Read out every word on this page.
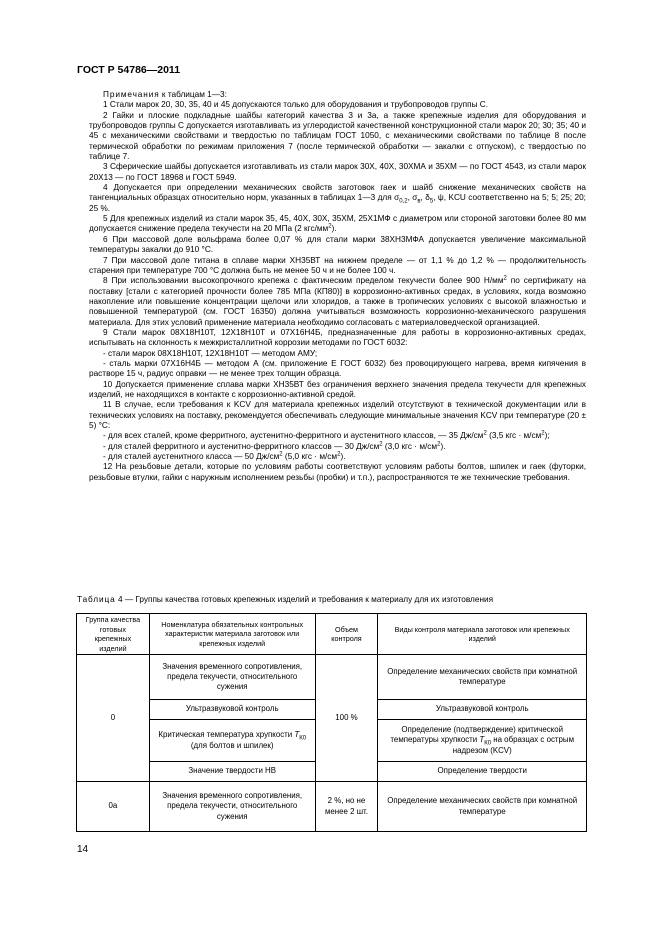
ГОСТ Р 54786—2011

Примечания к таблицам 1—3:

1 Стали марок 20, 30, 35, 40 и 45 допускаются только для оборудования и трубопроводов группы С.

2 Гайки и плоские подкладные шайбы категорий качества 3 и 3а, а также крепежные изделия для оборудования и трубопроводов группы С допускается изготавливать из углеродистой качественной конструкционной стали марок 20; 30; 35; 40 и 45 с механическими свойствами и твердостью по таблицам ГОСТ 1050, с механическими свойствами по таблице 8 после термической обработки по режимам приложения 7 (после термической обработки — закалки с отпуском), с твердостью по таблице 7.

3 Сферические шайбы допускается изготавливать из стали марок 30Х, 40Х, 30ХМА и 35ХМ — по ГОСТ 4543, из стали марок 20Х13 — по ГОСТ 18968 и ГОСТ 5949.

4 Допускается при определении механических свойств заготовок гаек и шайб снижение механических свойств на тангенциальных образцах относительно норм, указанных в таблицах 1—3 для $\sigma_{0,2}$, $\sigma_в$, $\delta_5$, ψ, KCU соответственно на 5; 5; 25; 20; 25 %.

5 Для крепежных изделий из стали марок 35, 45, 40Х, 30Х, 35ХМ, 25Х1МФ с диаметром или стороной заготовки более 80 мм допускается снижение предела текучести на 20 МПа (2 кгс/$мм^2$).

6 При массовой доле вольфрама более 0,07 % для стали марки 38ХН3МФА допускается увеличение максимальной температуры закалки до 910 °С.

7 При массовой доле титана в сплаве марки ХН35ВТ на нижнем пределе — от 1,1 % до 1,2 % — продолжительность старения при температуре 700 °С должна быть не менее 50 ч и не более 100 ч.

8 При использовании высокопрочного крепежа с фактическим пределом текучести более 900 $Н/мм^2$ по сертификату на поставку [стали с категорией прочности более 785 МПа (КП80)] в коррозионно-активных средах, в условиях, когда возможно накопление или повышение концентрации щелочи или хлоридов, а также в тропических условиях с высокой влажностью и повышенной температурой (см. ГОСТ 16350) должна учитываться возможность коррозионно-механического разрушения материала. Для этих условий применение материала необходимо согласовать с материаловедческой организацией.

9 Стали марок 08Х18Н10Т, 12Х18Н10Т и 07Х16Н4Б, предназначенные для работы в коррозионно-активных средах, испытывать на склонность к межкристаллитной коррозии методами по ГОСТ 6032:

- стали марок 08Х18Н10Т, 12Х18Н10Т — методом АМУ;

- сталь марки 07Х16Н4Б — методом А (см. приложение Е ГОСТ 6032) без провоцирующего нагрева, время кипячения в растворе 15 ч, радиус оправки — не менее трех толщин образца.

10 Допускается применение сплава марки ХН35ВТ без ограничения верхнего значения предела текучести для крепежных изделий, не находящихся в контакте с коррозионно-активной средой.

11 В случае, если требования к KCV для материала крепежных изделий отсутствуют в технической документации или в технических условиях на поставку, рекомендуется обеспечивать следующие минимальные значения KCV при температуре (20 ± 5) °С:

- для всех сталей, кроме ферритного, аустенитно-ферритного и аустенитного классов, — 35 $Дж/см^2$ (3,5 кгс · $м/см^2$);

- для сталей ферритного и аустенитно-ферритного классов — 30 $Дж/см^2$ (3,0 кгс · $м/см^2$).

- для сталей аустенитного класса — 50 $Дж/см^2$ (5,0 кгс · $м/см^2$).

12 На резьбовые детали, которые по условиям работы соответствуют условиям работы болтов, шпилек и гаек (футорки, резьбовые втулки, гайки с наружным исполнением резьбы (пробки) и т.п.), распространяются те же технические требования.

Таблица 4 — Группы качества готовых крепежных изделий и требования к материалу для их изготовления
Группа качества готовых крепежных изделий	Номенклатура обязательных контрольных характеристик материала заготовок или крепежных изделий	Объем контроля	Виды контроля материала заготовок или крепежных изделий
0	Значения временного сопротивления, предела текучести, относительного сужения	100 %	Определение механических свойств при комнатной температуре
	Ультразвуковой контроль		Ультразвуковой контроль
	Критическая температура хрупкости $T_{К0}$ (для болтов и шпилек)		Определение (подтверждение) критической температуры хрупкости $T_{К0}$ на образцах с острым надрезом (KCV)
	Значение твердости НВ		Определение твердости
0а	Значения временного сопротивления, предела текучести, относительного сужения	2 %, но не менее 2 шт.	Определение механических свойств при комнатной температуре
14
